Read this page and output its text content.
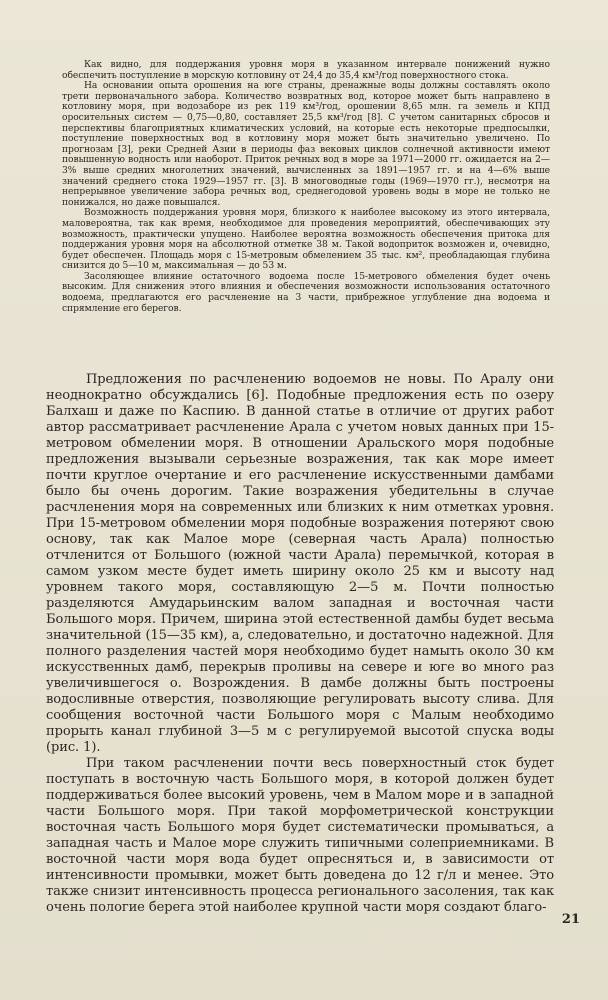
Как видно, для поддержания уровня моря в указанном интервале понижений нужно обеспечить поступление в морскую котловину от 24,4 до 35,4 км³/год поверхностного стока.

На основании опыта орошения на юге страны, дренажные воды должны составлять около трети первоначального забора. Количество возвратных вод, которое может быть направлено в котловину моря, при водозаборе из рек 119 км³/год, орошении 8,65 млн. га земель и КПД оросительных систем — 0,75—0,80, составляет 25,5 км³/год [8]. С учетом санитарных сбросов и перспективы благоприятных климатических условий, на которые есть некоторые предпосылки, поступление поверхностных вод в котловину моря может быть значительно увеличено. По прогнозам [3], реки Средней Азии в периоды фаз вековых циклов солнечной активности имеют повышенную водность или наоборот. Приток речных вод в море за 1971—2000 гг. ожидается на 2—3% выше средних многолетних значений, вычисленных за 1891—1957 гг. и на 4—6% выше значений среднего стока 1929—1957 гг. [3]. В многоводные годы (1969—1970 гг.), несмотря на непрерывное увеличение забора речных вод, среднегодовой уровень воды в море не только не понижался, но даже повышался.

Возможность поддержания уровня моря, близкого к наиболее высокому из этого интервала, маловероятна, так как время, необходимое для проведения мероприятий, обеспечивающих эту возможность, практически упущено. Наиболее вероятна возможность обеспечения притока для поддержания уровня моря на абсолютной отметке 38 м. Такой водоприток возможен и, очевидно, будет обеспечен. Площадь моря с 15-метровым обмелением 35 тыс. км², преобладающая глубина снизится до 5—10 м, максимальная — до 53 м.

Засоляющее влияние остаточного водоема после 15-метрового обмеления будет очень высоким. Для снижения этого влияния и обеспечения возможности использования остаточного водоема, предлагаются его расчленение на 3 части, прибрежное углубление дна водоема и спрямление его берегов.

Предложения по расчленению водоемов не новы. По Аралу они неоднократно обсуждались [6]. Подобные предложения есть по озеру Балхаш и даже по Каспию. В данной статье в отличие от других работ автор рассматривает расчленение Арала с учетом новых данных при 15-метровом обмелении моря. В отношении Аральского моря подобные предложения вызывали серьезные возражения, так как море имеет почти круглое очертание и его расчленение искусственными дамбами было бы очень дорогим. Такие возражения убедительны в случае расчленения моря на современных или близких к ним отметках уровня. При 15-метровом обмелении моря подобные возражения потеряют свою основу, так как Малое море (северная часть Арала) полностью отчленится от Большого (южной части Арала) перемычкой, которая в самом узком месте будет иметь ширину около 25 км и высоту над уровнем такого моря, составляющую 2—5 м. Почти полностью разделяются Амударьинским валом западная и восточная части Большого моря. Причем, ширина этой естественной дамбы будет весьма значительной (15—35 км), а, следовательно, и достаточно надежной. Для полного разделения частей моря необходимо будет намыть около 30 км искусственных дамб, перекрыв проливы на севере и юге во много раз увеличившегося о. Возрождения. В дамбе должны быть построены водосливные отверстия, позволяющие регулировать высоту слива. Для сообщения восточной части Большого моря с Малым необходимо прорыть канал глубиной 3—5 м с регулируемой высотой спуска воды (рис. 1).

При таком расчленении почти весь поверхностный сток будет поступать в восточную часть Большого моря, в которой должен будет поддерживаться более высокий уровень, чем в Малом море и в западной части Большого моря. При такой морфометрической конструкции восточная часть Большого моря будет систематически промываться, а западная часть и Малое море служить типичными солеприемниками. В восточной части моря вода будет опресняться и, в зависимости от интенсивности промывки, может быть доведена до 12 г/л и менее. Это также снизит интенсивность процесса регионального засоления, так как очень пологие берега этой наиболее крупной части моря создают благо-

21
